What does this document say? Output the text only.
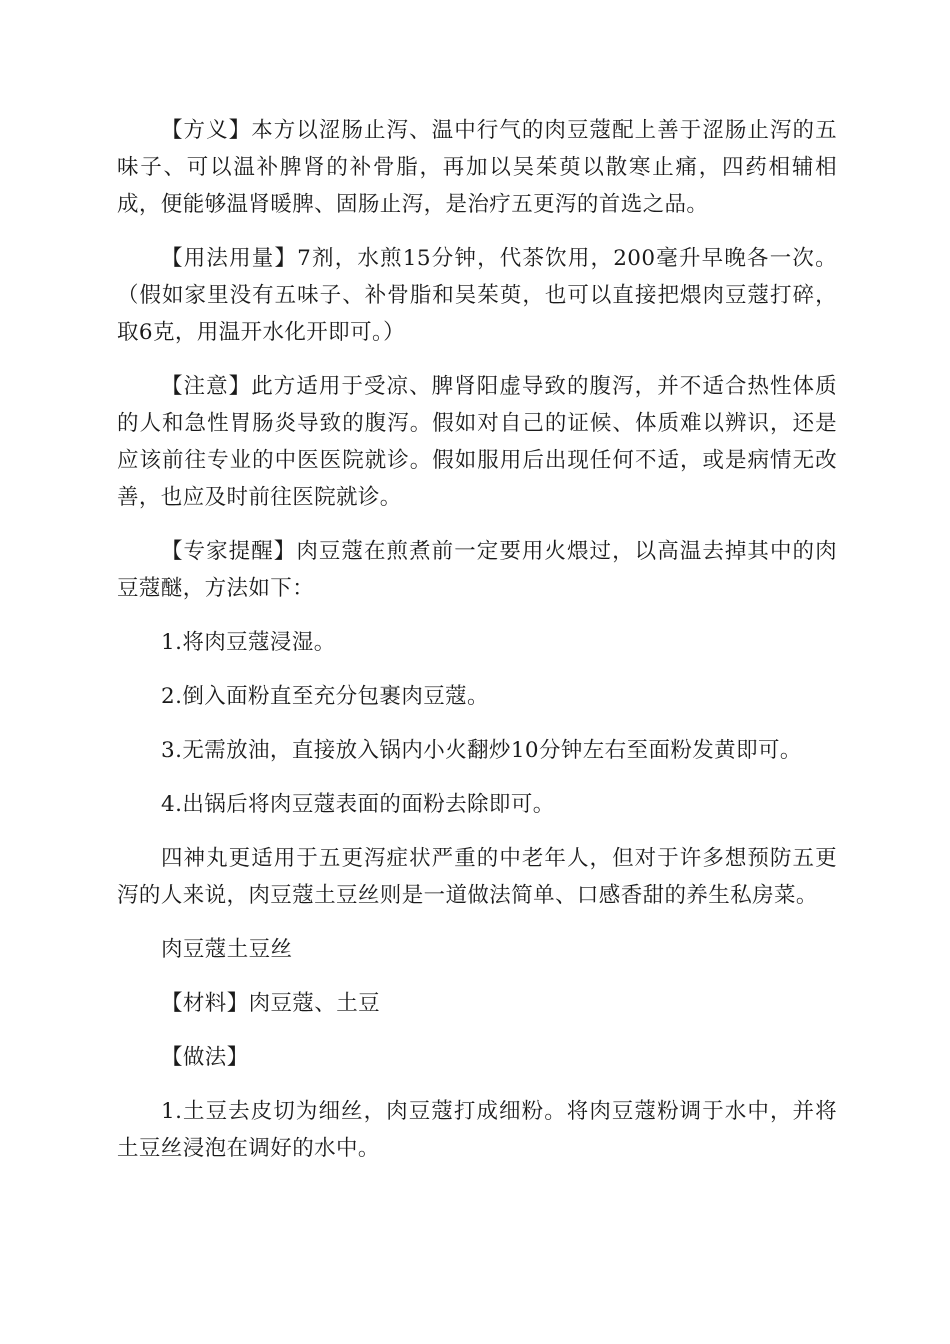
【方义】本方以涩肠止泻、温中行气的肉豆蔻配上善于涩肠止泻的五味子、可以温补脾肾的补骨脂，再加以吴茱萸以散寒止痛，四药相辅相成，便能够温肾暖脾、固肠止泻，是治疗五更泻的首选之品。

【用法用量】7剂，水煎15分钟，代茶饮用，200毫升早晚各一次。（假如家里没有五味子、补骨脂和吴茱萸，也可以直接把煨肉豆蔻打碎，取6克，用温开水化开即可。）

【注意】此方适用于受凉、脾肾阳虚导致的腹泻，并不适合热性体质的人和急性胃肠炎导致的腹泻。假如对自己的证候、体质难以辨识，还是应该前往专业的中医医院就诊。假如服用后出现任何不适，或是病情无改善，也应及时前往医院就诊。

【专家提醒】肉豆蔻在煎煮前一定要用火煨过，以高温去掉其中的肉豆蔻醚，方法如下：

1.将肉豆蔻浸湿。

2.倒入面粉直至充分包裹肉豆蔻。

3.无需放油，直接放入锅内小火翻炒10分钟左右至面粉发黄即可。

4.出锅后将肉豆蔻表面的面粉去除即可。

四神丸更适用于五更泻症状严重的中老年人，但对于许多想预防五更泻的人来说，肉豆蔻土豆丝则是一道做法简单、口感香甜的养生私房菜。

肉豆蔻土豆丝

【材料】肉豆蔻、土豆

【做法】

1.土豆去皮切为细丝，肉豆蔻打成细粉。将肉豆蔻粉调于水中，并将土豆丝浸泡在调好的水中。
